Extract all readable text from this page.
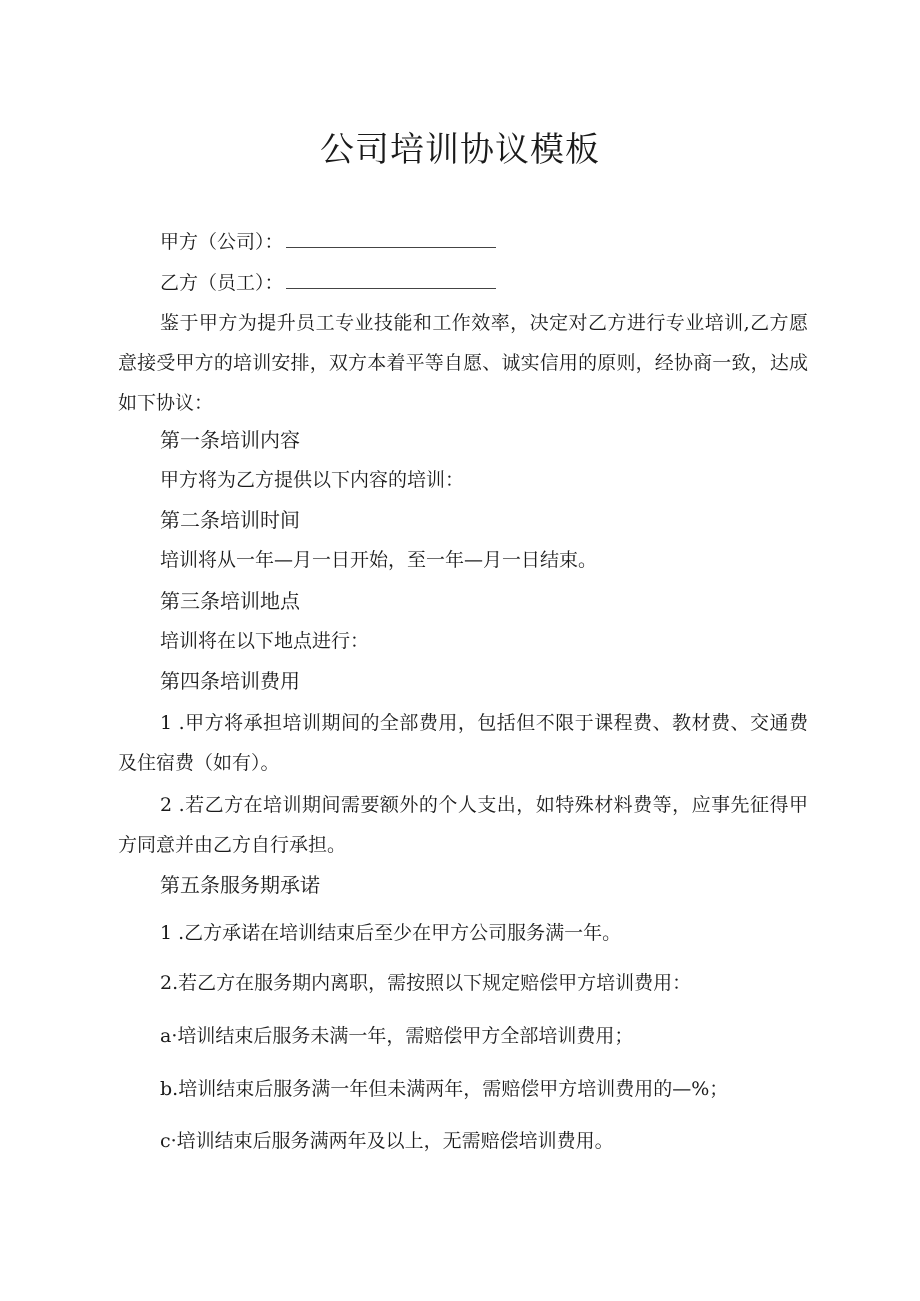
公司培训协议模板
甲方（公司）：
乙方（员工）：
鉴于甲方为提升员工专业技能和工作效率，决定对乙方进行专业培训,乙方愿意接受甲方的培训安排，双方本着平等自愿、诚实信用的原则，经协商一致，达成如下协议：
第一条培训内容
甲方将为乙方提供以下内容的培训：
第二条培训时间
培训将从一年—月一日开始，至一年—月一日结束。
第三条培训地点
培训将在以下地点进行：
第四条培训费用
1 .甲方将承担培训期间的全部费用，包括但不限于课程费、教材费、交通费及住宿费（如有）。
2 .若乙方在培训期间需要额外的个人支出，如特殊材料费等，应事先征得甲方同意并由乙方自行承担。
第五条服务期承诺
1 .乙方承诺在培训结束后至少在甲方公司服务满一年。
2.若乙方在服务期内离职，需按照以下规定赔偿甲方培训费用：
a·培训结束后服务未满一年，需赔偿甲方全部培训费用；
b.培训结束后服务满一年但未满两年，需赔偿甲方培训费用的—%；
c·培训结束后服务满两年及以上，无需赔偿培训费用。
